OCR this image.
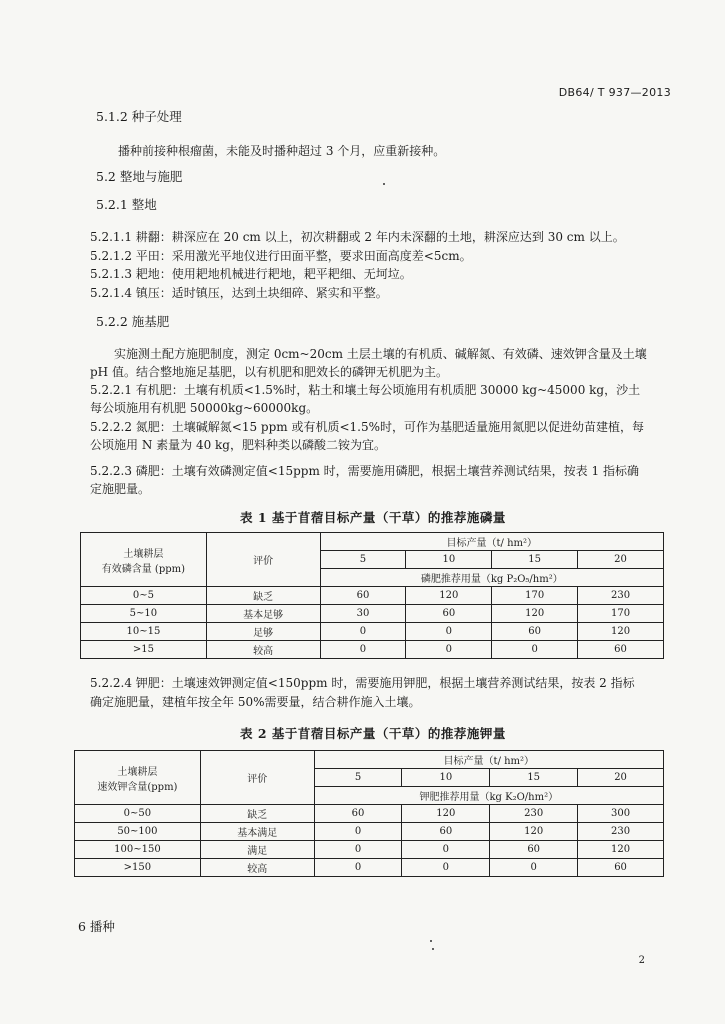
DB64/ T 937—2013
5.1.2 种子处理
播种前接种根瘤菌，未能及时播种超过 3 个月，应重新接种。
5.2 整地与施肥
5.2.1 整地
5.2.1.1 耕翻：耕深应在 20 cm 以上，初次耕翻或 2 年内未深翻的土地，耕深应达到 30 cm 以上。
5.2.1.2 平田：采用激光平地仪进行田面平整，要求田面高度差<5cm。
5.2.1.3 耙地：使用耙地机械进行耙地，耙平耙细、无坷垃。
5.2.1.4 镇压：适时镇压，达到土块细碎、紧实和平整。
5.2.2 施基肥
实施测土配方施肥制度，测定 0cm~20cm 土层土壤的有机质、碱解氮、有效磷、速效钾含量及土壤
pH 值。结合整地施足基肥，以有机肥和肥效长的磷钾无机肥为主。
5.2.2.1 有机肥：土壤有机质<1.5%时，粘土和壤土每公顷施用有机质肥 30000 kg~45000 kg，沙土
每公顷施用有机肥 50000kg~60000kg。
5.2.2.2 氮肥：土壤碱解氮<15 ppm 或有机质<1.5%时，可作为基肥适量施用氮肥以促进幼苗建植，每
公顷施用 N 素量为 40 kg，肥料种类以磷酸二铵为宜。
5.2.2.3 磷肥：土壤有效磷测定值<15ppm 时，需要施用磷肥，根据土壤营养测试结果，按表 1 指标确
定施肥量。
表 1 基于苜蓿目标产量（干草）的推荐施磷量
土壤耕层
有效磷含量 (ppm)	评价	目标产量（t/ hm²）			
		5	10	15	20
		磷肥推荐用量（kg P₂O₅/hm²）			
0~5	缺乏	60	120	170	230
5~10	基本足够	30	60	120	170
10~15	足够	0	0	60	120
>15	较高	0	0	0	60
5.2.2.4 钾肥：土壤速效钾测定值<150ppm 时，需要施用钾肥，根据土壤营养测试结果，按表 2 指标
确定施肥量，建植年按全年 50%需要量，结合耕作施入土壤。
表 2 基于苜蓿目标产量（干草）的推荐施钾量
土壤耕层
速效钾含量(ppm)	评价	目标产量（t/ hm²）			
		5	10	15	20
		钾肥推荐用量（kg K₂O/hm²）			
0~50	缺乏	60	120	230	300
50~100	基本满足	0	60	120	230
100~150	满足	0	0	60	120
>150	较高	0	0	0	60
6 播种
2
